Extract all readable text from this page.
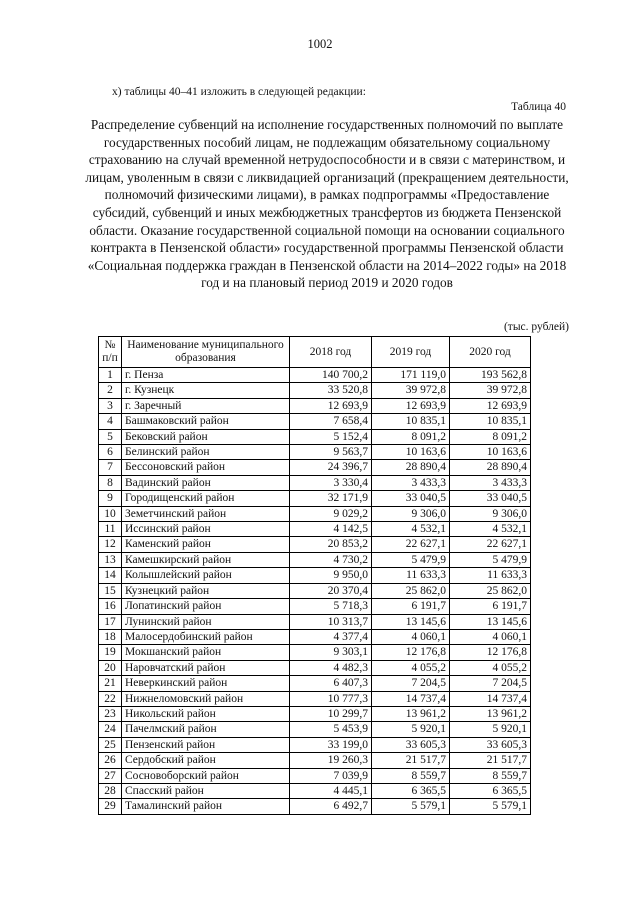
1002
х) таблицы 40–41 изложить в следующей редакции:
Таблица 40
Распределение субвенций на исполнение государственных полномочий по выплате государственных пособий лицам, не подлежащим обязательному социальному страхованию на случай временной нетрудоспособности и в связи с материнством, и лицам, уволенным в связи с ликвидацией организаций (прекращением деятельности, полномочий физическими лицами), в рамках подпрограммы «Предоставление субсидий, субвенций и иных межбюджетных трансфертов из бюджета Пензенской области. Оказание государственной социальной помощи на основании социального контракта в Пензенской области» государственной программы Пензенской области «Социальная поддержка граждан в Пензенской области на 2014–2022 годы» на 2018 год и на плановый период 2019 и 2020 годов
(тыс. рублей)
№ п/п	Наименование муниципального образования	2018 год	2019 год	2020 год
1	г. Пенза	140 700,2	171 119,0	193 562,8
2	г. Кузнецк	33 520,8	39 972,8	39 972,8
3	г. Заречный	12 693,9	12 693,9	12 693,9
4	Башмаковский район	7 658,4	10 835,1	10 835,1
5	Бековский район	5 152,4	8 091,2	8 091,2
6	Белинский район	9 563,7	10 163,6	10 163,6
7	Бессоновский район	24 396,7	28 890,4	28 890,4
8	Вадинский район	3 330,4	3 433,3	3 433,3
9	Городищенский район	32 171,9	33 040,5	33 040,5
10	Земетчинский район	9 029,2	9 306,0	9 306,0
11	Иссинский район	4 142,5	4 532,1	4 532,1
12	Каменский район	20 853,2	22 627,1	22 627,1
13	Камешкирский район	4 730,2	5 479,9	5 479,9
14	Колышлейский район	9 950,0	11 633,3	11 633,3
15	Кузнецкий район	20 370,4	25 862,0	25 862,0
16	Лопатинский район	5 718,3	6 191,7	6 191,7
17	Лунинский район	10 313,7	13 145,6	13 145,6
18	Малосердобинский район	4 377,4	4 060,1	4 060,1
19	Мокшанский район	9 303,1	12 176,8	12 176,8
20	Наровчатский район	4 482,3	4 055,2	4 055,2
21	Неверкинский район	6 407,3	7 204,5	7 204,5
22	Нижнеломовский район	10 777,3	14 737,4	14 737,4
23	Никольский район	10 299,7	13 961,2	13 961,2
24	Пачелмский район	5 453,9	5 920,1	5 920,1
25	Пензенский район	33 199,0	33 605,3	33 605,3
26	Сердобский район	19 260,3	21 517,7	21 517,7
27	Сосновоборский район	7 039,9	8 559,7	8 559,7
28	Спасский район	4 445,1	6 365,5	6 365,5
29	Тамалинский район	6 492,7	5 579,1	5 579,1
